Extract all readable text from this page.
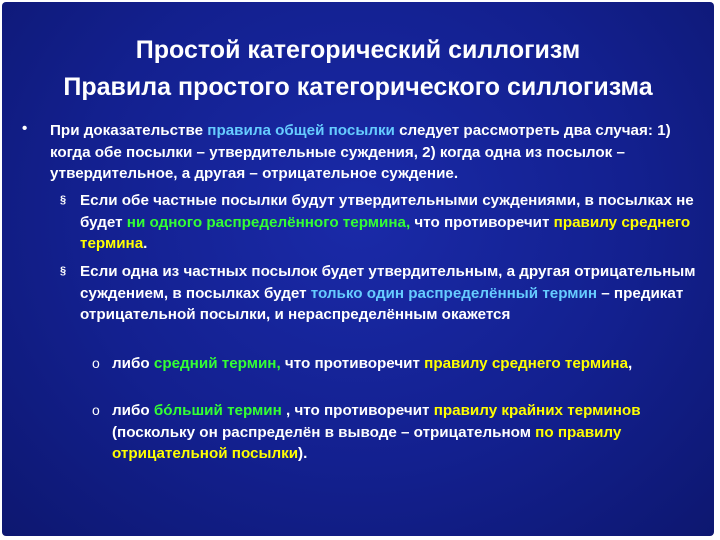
Простой категорический силлогизм
Правила простого категорического силлогизма
• При доказательстве правила общей посылки следует рассмотреть два случая: 1) когда обе посылки – утвердительные суждения, 2) когда одна из посылок – утвердительное, а другая – отрицательное суждение.

§ Если обе частные посылки будут утвердительными суждениями, в посылках не будет ни одного распределённого термина, что противоречит правилу среднего термина.

§ Если одна из частных посылок будет утвердительным, а другая отрицательным суждением, в посылках будет только один распределённый термин – предикат отрицательной посылки, и нераспределённым окажется

o либо средний термин, что противоречит правилу среднего термина,

o либо бóльший термин , что противоречит правилу крайних терминов (поскольку он распределён в выводе – отрицательном по правилу отрицательной посылки).
